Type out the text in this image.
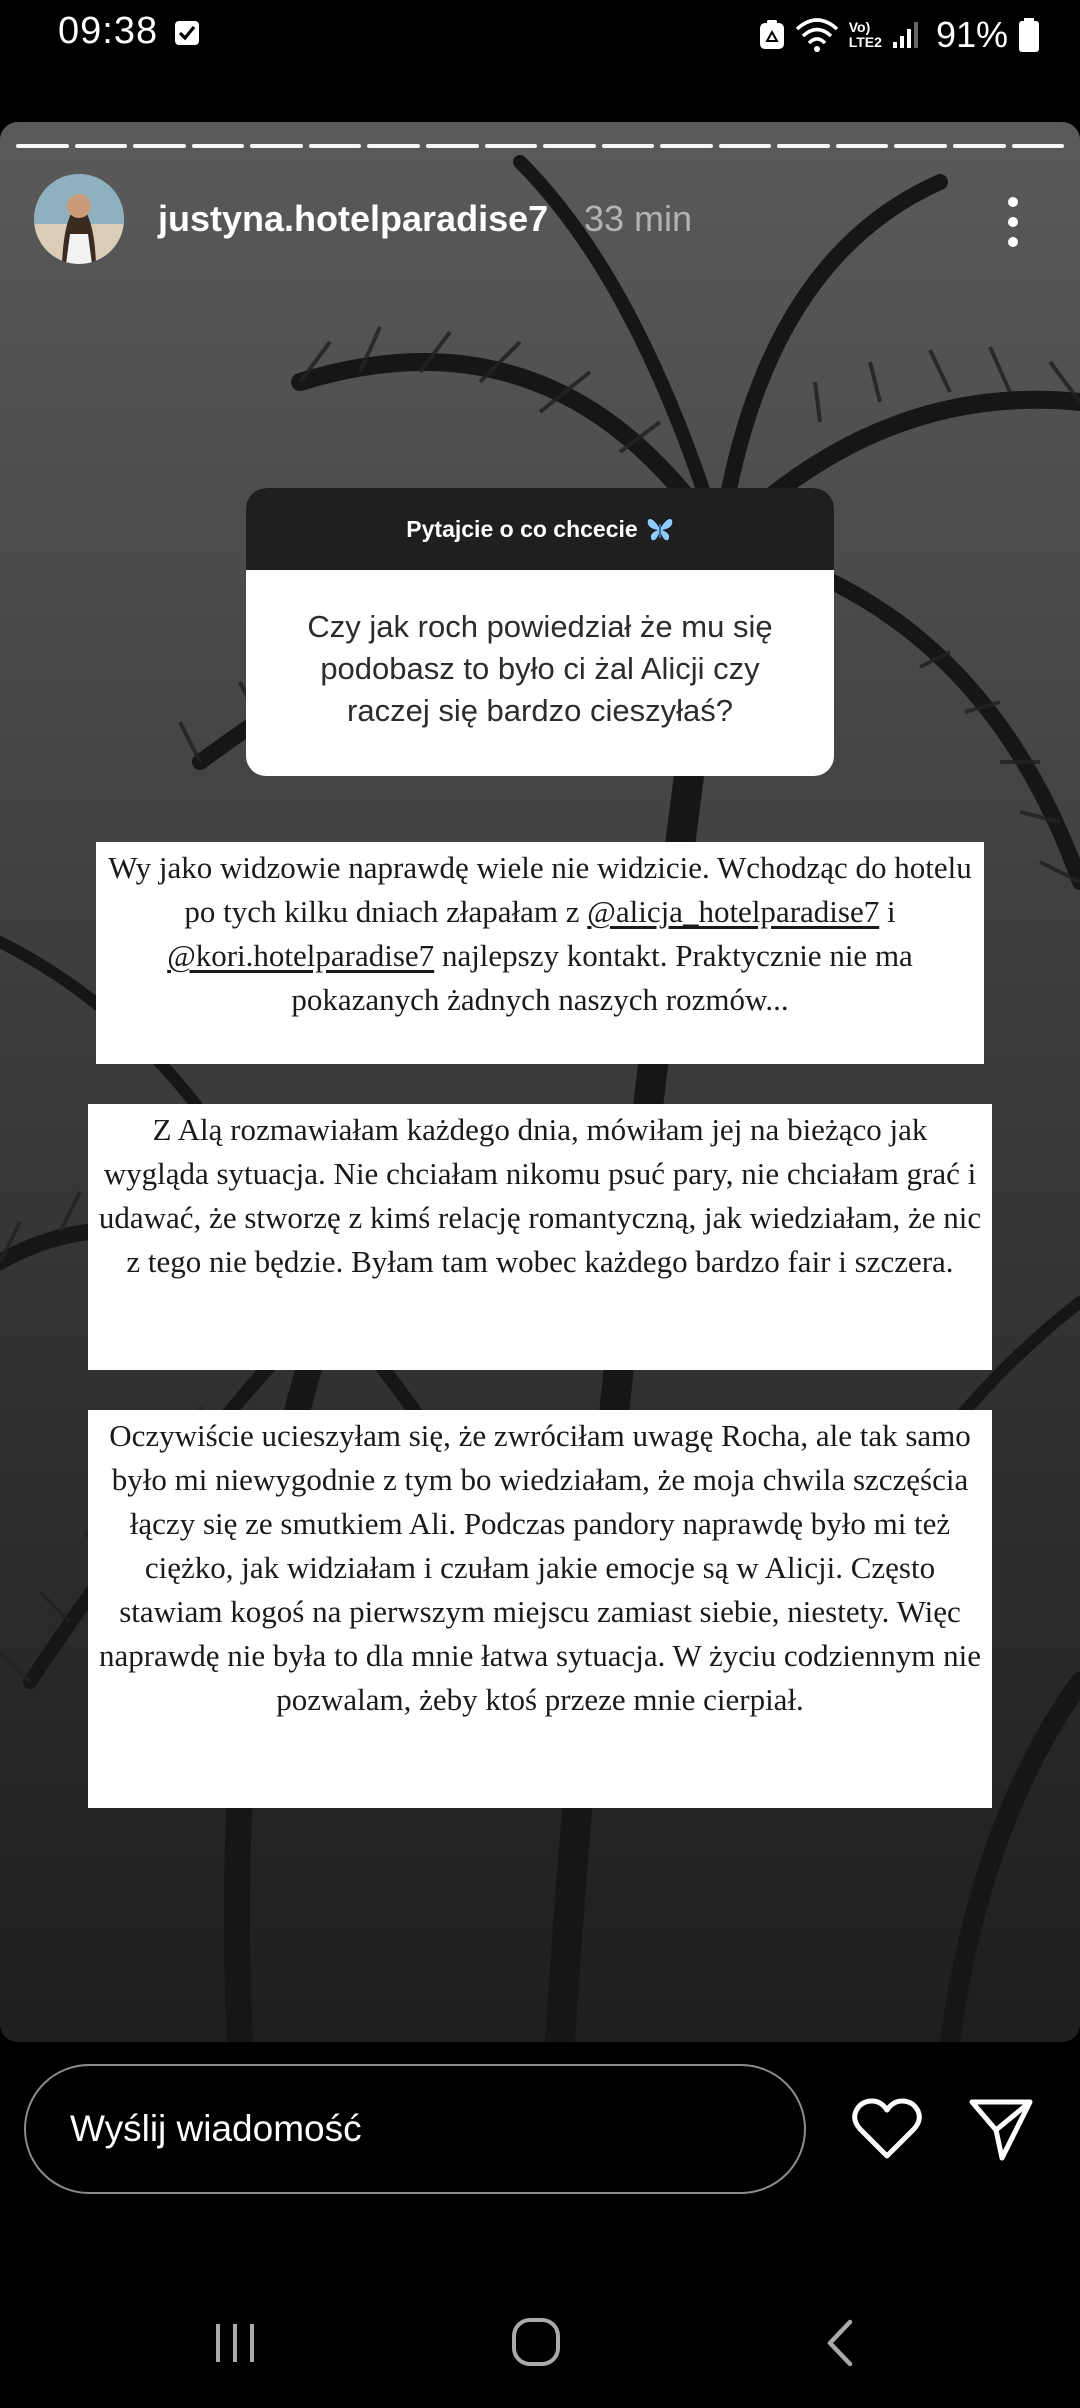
09:38	Vo)
LTE2 91%
justyna.hotelparadise7 33 min
Pytajcie o co chcecie
Czy jak roch powiedział że mu się podobasz to było ci żal Alicji czy raczej się bardzo cieszyłaś?

Wy jako widzowie naprawdę wiele nie widzicie. Wchodząc do hotelu po tych kilku dniach złapałam z @alicja_hotelparadise7 i @kori.hotelparadise7 najlepszy kontakt. Praktycznie nie ma pokazanych żadnych naszych rozmów...

Z Alą rozmawiałam każdego dnia, mówiłam jej na bieżąco jak wygląda sytuacja. Nie chciałam nikomu psuć pary, nie chciałam grać i udawać, że stworzę z kimś relację romantyczną, jak wiedziałam, że nic z tego nie będzie. Byłam tam wobec każdego bardzo fair i szczera.

Oczywiście ucieszyłam się, że zwróciłam uwagę Rocha, ale tak samo było mi niewygodnie z tym bo wiedziałam, że moja chwila szczęścia łączy się ze smutkiem Ali. Podczas pandory naprawdę było mi też ciężko, jak widziałam i czułam jakie emocje są w Alicji. Często stawiam kogoś na pierwszym miejscu zamiast siebie, niestety. Więc naprawdę nie była to dla mnie łatwa sytuacja. W życiu codziennym nie pozwalam, żeby ktoś przeze mnie cierpiał.

Wyślij wiadomość
